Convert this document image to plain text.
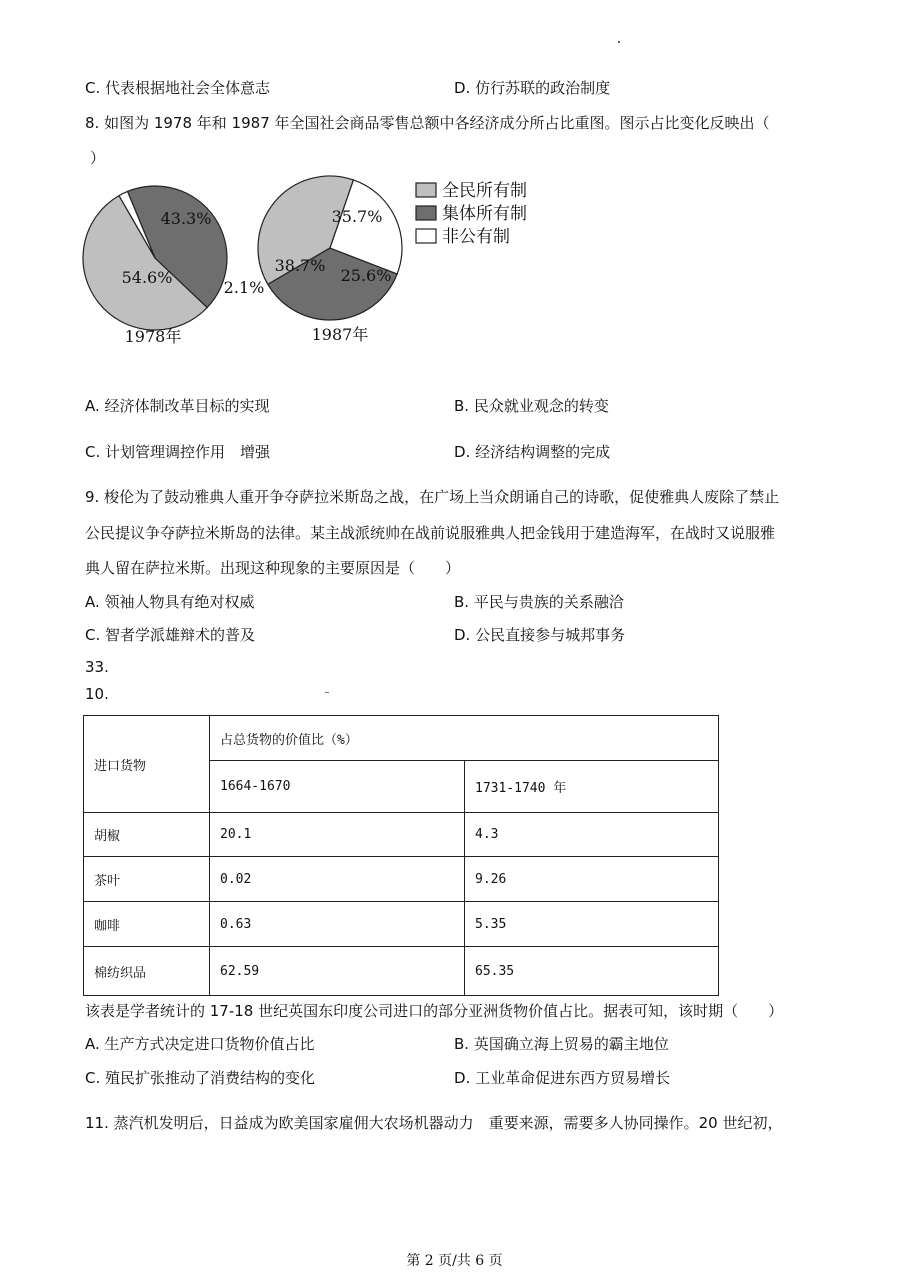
C. 代表根据地社会全体意志	D. 仿行苏联的政治制度
8. 如图为 1978 年和 1987 年全国社会商品零售总额中各经济成分所占比重图。图示占比变化反映出（
）
54.6%
43.3%
2.1%
1978年
38.7%
35.7%
25.6%
1987年
全民所有制
集体所有制
非公有制
A. 经济体制改革目标的实现	B. 民众就业观念的转变
C. 计划管理调控作用　增强	D. 经济结构调整的完成
9. 梭伦为了鼓动雅典人重开争夺萨拉米斯岛之战，在广场上当众朗诵自己的诗歌，促使雅典人废除了禁止
公民提议争夺萨拉米斯岛的法律。某主战派统帅在战前说服雅典人把金钱用于建造海军，在战时又说服雅
典人留在萨拉米斯。出现这种现象的主要原因是（　　）
A. 领袖人物具有绝对权威	B. 平民与贵族的关系融洽
C. 智者学派雄辩术的普及	D. 公民直接参与城邦事务
33.
10.
进口货物	占总货物的价值比（%）	
	1664-1670	1731-1740 年
胡椒	20.1	4.3
茶叶	0.02	9.26
咖啡	0.63	5.35
棉纺织品	62.59	65.35
该表是学者统计的 17-18 世纪英国东印度公司进口的部分亚洲货物价值占比。据表可知，该时期（　　）
A. 生产方式决定进口货物价值占比	B. 英国确立海上贸易的霸主地位
C. 殖民扩张推动了消费结构的变化	D. 工业革命促进东西方贸易增长
11. 蒸汽机发明后，日益成为欧美国家雇佣大农场机器动力　重要来源，需要多人协同操作。20 世纪初，
第 2 页/共 6 页
